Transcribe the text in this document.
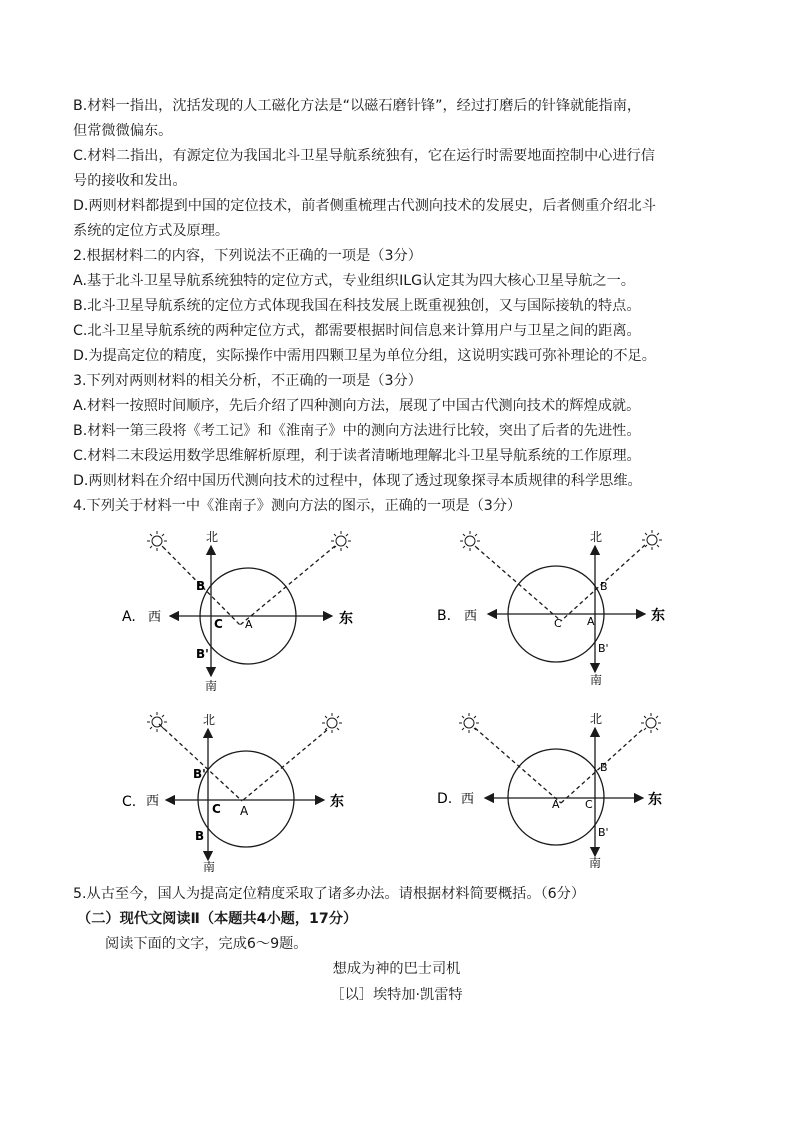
B.材料一指出，沈括发现的人工磁化方法是“以磁石磨针锋”，经过打磨后的针锋就能指南，
但常微微偏东。
C.材料二指出，有源定位为我国北斗卫星导航系统独有，它在运行时需要地面控制中心进行信
号的接收和发出。
D.两则材料都提到中国的定位技术，前者侧重梳理古代测向技术的发展史，后者侧重介绍北斗
系统的定位方式及原理。
2.根据材料二的内容，下列说法不正确的一项是（3分）
A.基于北斗卫星导航系统独特的定位方式，专业组织ILG认定其为四大核心卫星导航之一。
B.北斗卫星导航系统的定位方式体现我国在科技发展上既重视独创，又与国际接轨的特点。
C.北斗卫星导航系统的两种定位方式，都需要根据时间信息来计算用户与卫星之间的距离。
D.为提高定位的精度，实际操作中需用四颗卫星为单位分组，这说明实践可弥补理论的不足。
3.下列对两则材料的相关分析，不正确的一项是（3分）
A.材料一按照时间顺序，先后介绍了四种测向方法，展现了中国古代测向技术的辉煌成就。
B.材料一第三段将《考工记》和《淮南子》中的测向方法进行比较，突出了后者的先进性。
C.材料二末段运用数学思维解析原理，利于读者清晰地理解北斗卫星导航系统的工作原理。
D.两则材料在介绍中国历代测向技术的过程中，体现了透过现象探寻本质规律的科学思维。
4.下列关于材料一中《淮南子》测向方法的图示，正确的一项是（3分）
A. 西	东
北
南
B
C A
B'
B. 西	东
北
南
B
C A
B'
C. 西	东
北
南
B'
C A
B
D. 西	东
北
南
B
A C
B'
5.从古至今，国人为提高定位精度采取了诸多办法。请根据材料简要概括。（6分）
（二）现代文阅读Ⅱ（本题共4小题，17分）
阅读下面的文字，完成6～9题。
想成为神的巴士司机
［以］埃特加·凯雷特
